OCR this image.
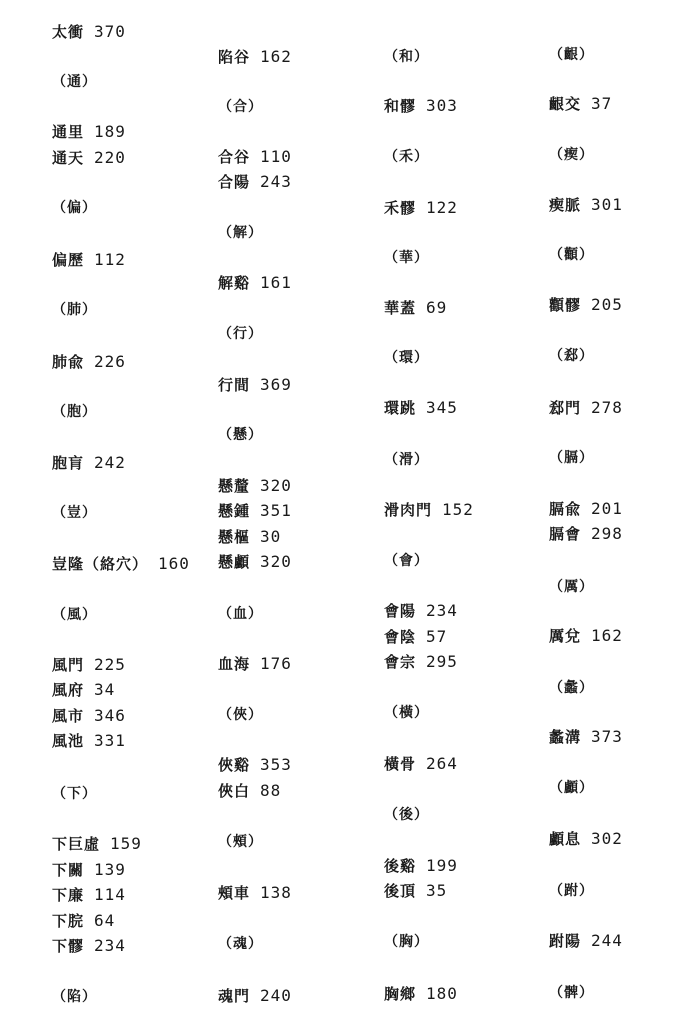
太衝 370
（通）
通里 189
通天 220
（偏）
偏歷 112
（肺）
肺兪 226
（胞）
胞肓 242
（豈）
豈隆（絡穴） 160
（風）
風門 225
風府 34
風市 346
風池 331
（下）
下巨虛 159
下關 139
下廉 114
下脘 64
下髎 234
（陷）
陷谷 162
（合）
合谷 110
合陽 243
（解）
解谿 161
（行）
行間 369
（懸）
懸釐 320
懸鍾 351
懸樞 30
懸顱 320
（血）
血海 176
（俠）
俠谿 353
俠白 88
（頰）
頰車 138
（魂）
魂門 240
（和）
和髎 303
（禾）
禾髎 122
（華）
華蓋 69
（環）
環跳 345
（滑）
滑肉門 152
（會）
會陽 234
會陰 57
會宗 295
（橫）
橫骨 264
（後）
後谿 199
後頂 35
（胸）
胸鄉 180
（齦）
齦交 37
（瘈）
瘈脈 301
（顴）
顴髎 205
（郄）
郄門 278
（膈）
膈兪 201
膈會 298
（厲）
厲兌 162
（蠡）
蠡溝 373
（顱）
顱息 302
（跗）
跗陽 244
（髀）
